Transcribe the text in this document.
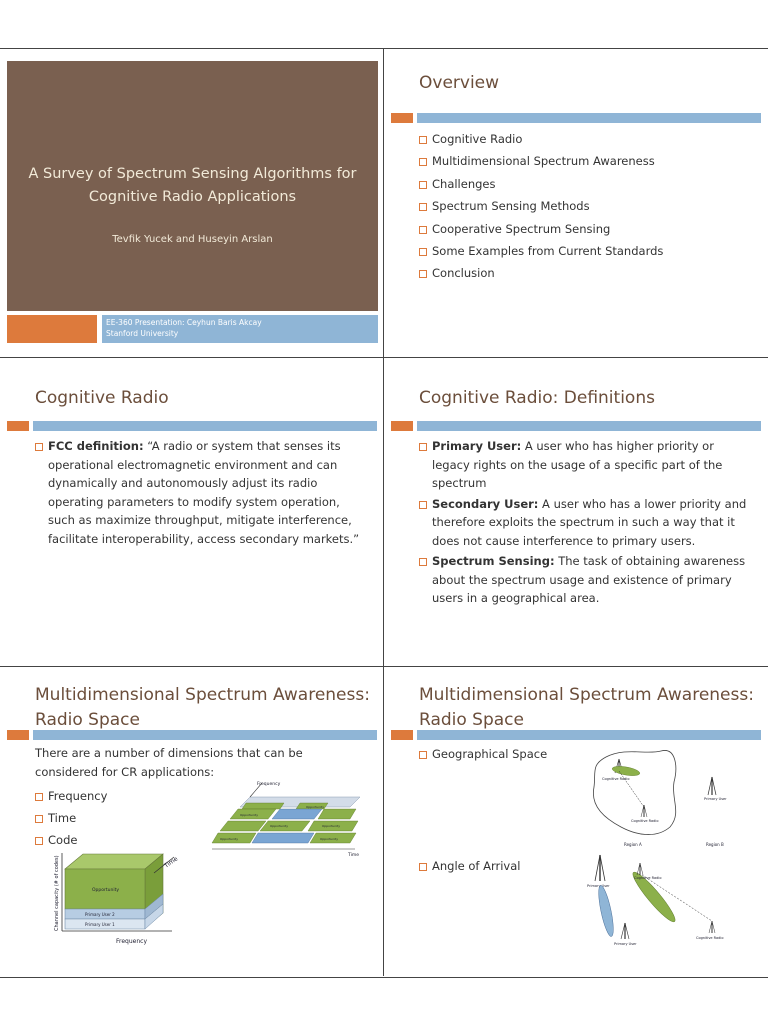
A Survey of Spectrum Sensing Algorithms for Cognitive Radio Applications
Tevfik Yucek and Huseyin Arslan
EE-360 Presentation: Ceyhun Baris Akcay
Stanford University
Overview
Cognitive Radio
Multidimensional Spectrum Awareness
Challenges
Spectrum Sensing Methods
Cooperative Spectrum Sensing
Some Examples from Current Standards
Conclusion
Cognitive Radio
FCC definition: “A radio or system that senses its operational electromagnetic environment and can dynamically and autonomously adjust its radio operating parameters to modify system operation, such as maximize throughput, mitigate interference, facilitate interoperability, access secondary markets.”
Cognitive Radio: Definitions
Primary User: A user who has higher priority or legacy rights on the usage of a specific part of the spectrum
Secondary User: A user who has a lower priority and therefore exploits the spectrum in such a way that it does not cause interference to primary users.
Spectrum Sensing: The task of obtaining awareness about the spectrum usage and existence of primary users in a geographical area.
Multidimensional Spectrum Awareness:
Radio Space
There are a number of dimensions that can be considered for CR applications:
Frequency
Time
Code
Opportunity
Primary User 2
Primary User 1
Frequency
Time
Channel capacity (# of codes)
Frequency
Time
Opportunity
Opportunity
Opportunity
Opportunity
Opportunity
Opportunity
Multidimensional Spectrum Awareness:
Radio Space
Geographical Space
Angle of Arrival
Cognitive Radio
Primary User
Cognitive Radio
Region A	Region B
Primary User
Cognitive Radio
Primary User
Cognitive Radio
